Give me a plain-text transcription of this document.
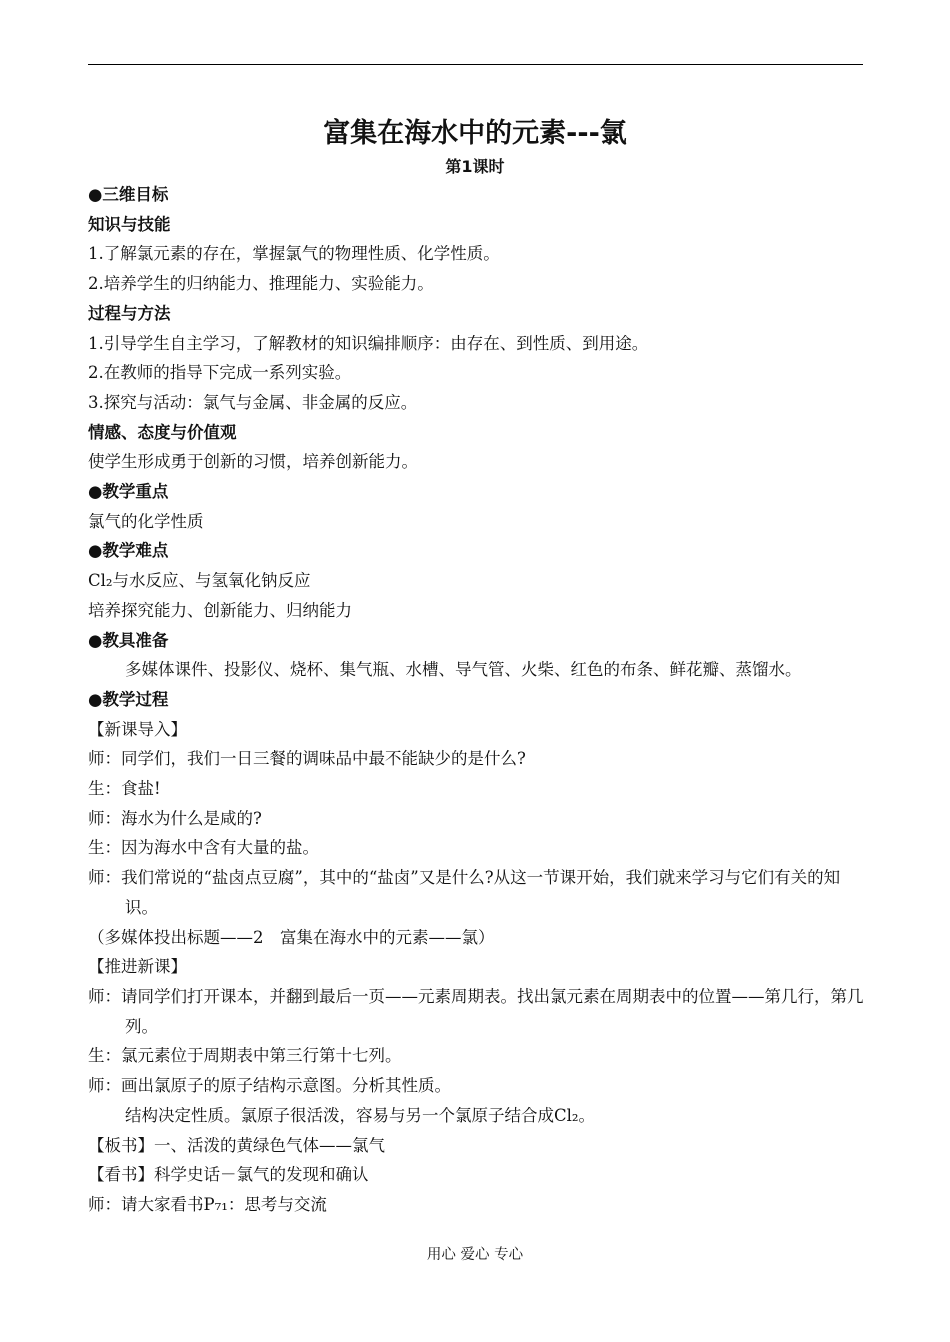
富集在海水中的元素---氯
第1课时
●三维目标
知识与技能
1.了解氯元素的存在，掌握氯气的物理性质、化学性质。
2.培养学生的归纳能力、推理能力、实验能力。
过程与方法
1.引导学生自主学习，了解教材的知识编排顺序：由存在、到性质、到用途。
2.在教师的指导下完成一系列实验。
3.探究与活动：氯气与金属、非金属的反应。
情感、态度与价值观
使学生形成勇于创新的习惯，培养创新能力。
●教学重点
氯气的化学性质
●教学难点
Cl₂与水反应、与氢氧化钠反应
培养探究能力、创新能力、归纳能力
●教具准备
多媒体课件、投影仪、烧杯、集气瓶、水槽、导气管、火柴、红色的布条、鲜花瓣、蒸馏水。
●教学过程
【新课导入】
师：同学们，我们一日三餐的调味品中最不能缺少的是什么?
生：食盐!
师：海水为什么是咸的?
生：因为海水中含有大量的盐。
师：我们常说的“盐卤点豆腐”，其中的“盐卤”又是什么?从这一节课开始，我们就来学习与它们有关的知识。
（多媒体投出标题——2　富集在海水中的元素——氯）
【推进新课】
师：请同学们打开课本，并翻到最后一页——元素周期表。找出氯元素在周期表中的位置——第几行，第几列。
生：氯元素位于周期表中第三行第十七列。
师：画出氯原子的原子结构示意图。分析其性质。
结构决定性质。氯原子很活泼，容易与另一个氯原子结合成Cl₂。
【板书】一、活泼的黄绿色气体——氯气
【看书】科学史话－氯气的发现和确认
师：请大家看书P₇₁：思考与交流
用心 爱心 专心
